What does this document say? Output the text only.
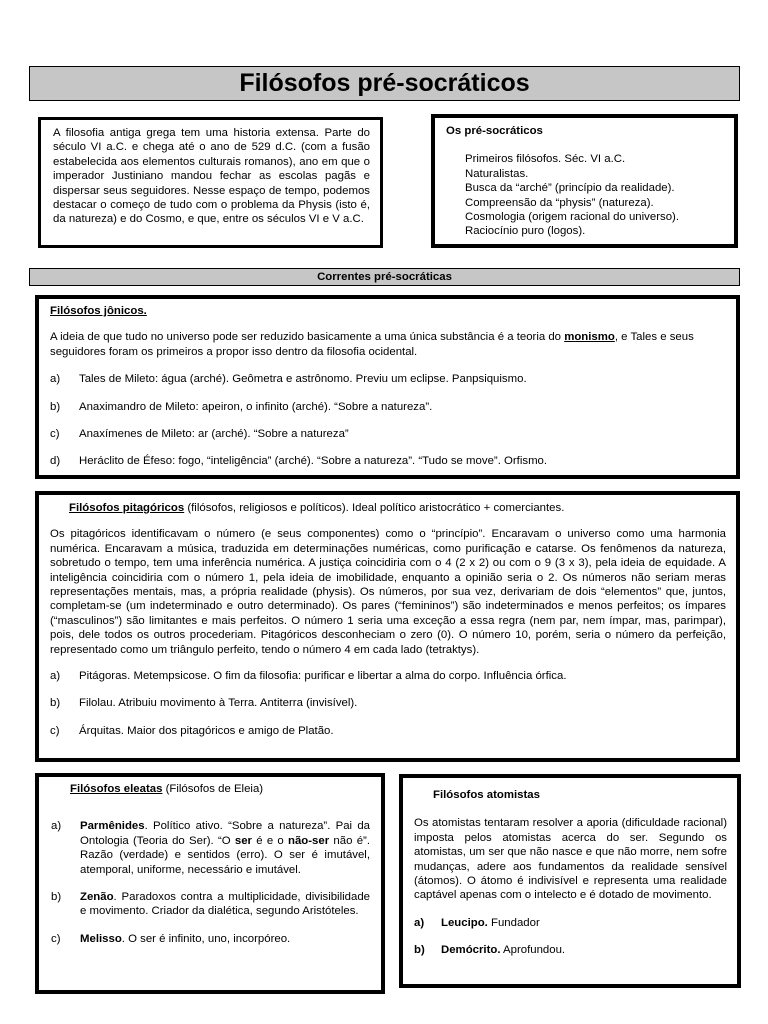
Filósofos pré-socráticos
A filosofia antiga grega tem uma historia extensa. Parte do século VI a.C. e chega até o ano de 529 d.C. (com a fusão estabelecida aos elementos culturais romanos), ano em que o imperador Justiniano mandou fechar as escolas pagãs e dispersar seus seguidores. Nesse espaço de tempo, podemos destacar o começo de tudo com o problema da Physis (isto é, da natureza) e do Cosmo, e que, entre os séculos VI e V a.C.
Os pré-socráticos
Primeiros filósofos. Séc. VI a.C.
Naturalistas.
Busca da “arché” (princípio da realidade).
Compreensão da “physis” (natureza).
Cosmologia (origem racional do universo).
Raciocínio puro (logos).
Correntes pré-socráticas
Filósofos jônicos.
A ideia de que tudo no universo pode ser reduzido basicamente a uma única substância é a teoria do monismo, e Tales e seus seguidores foram os primeiros a propor isso dentro da filosofia ocidental.
a)	Tales de Mileto: água (arché). Geômetra e astrônomo. Previu um eclipse. Panpsiquismo.
b)	Anaximandro de Mileto: apeiron, o infinito (arché). “Sobre a natureza”.
c)	Anaxímenes de Mileto: ar (arché). “Sobre a natureza”
d)	Heráclito de Éfeso: fogo, “inteligência” (arché). “Sobre a natureza”. “Tudo se move”. Orfismo.
Filósofos pitagóricos (filósofos, religiosos e políticos). Ideal político aristocrático + comerciantes.
Os pitagóricos identificavam o número (e seus componentes) como o “princípio”. Encaravam o universo como uma harmonia numérica. Encaravam a música, traduzida em determinações numéricas, como purificação e catarse. Os fenômenos da natureza, sobretudo o tempo, tem uma inferência numérica. A justiça coincidiria com o 4 (2 x 2) ou com o 9 (3 x 3), pela ideia de equidade. A inteligência coincidiria com o número 1, pela ideia de imobilidade, enquanto a opinião seria o 2. Os números não seriam meras representações mentais, mas, a própria realidade (physis). Os números, por sua vez, derivariam de dois “elementos” que, juntos, completam-se (um indeterminado e outro determinado). Os pares (“femininos”) são indeterminados e menos perfeitos; os ímpares (“masculinos”) são limitantes e mais perfeitos. O número 1 seria uma exceção a essa regra (nem par, nem ímpar, mas, parimpar), pois, dele todos os outros procederiam. Pitagóricos desconheciam o zero (0). O número 10, porém, seria o número da perfeição, representado como um triângulo perfeito, tendo o número 4 em cada lado (tetraktys).
a)	Pitágoras. Metempsicose. O fim da filosofia: purificar e libertar a alma do corpo. Influência órfica.
b)	Filolau. Atribuiu movimento à Terra. Antiterra (invisível).
c)	Árquitas. Maior dos pitagóricos e amigo de Platão.
Filósofos eleatas (Filósofos de Eleia)
a)	Parmênides. Político ativo. “Sobre a natureza”. Pai da Ontologia (Teoria do Ser). “O ser é e o não-ser não é”. Razão (verdade) e sentidos (erro). O ser é imutável, atemporal, uniforme, necessário e imutável.
b)	Zenão. Paradoxos contra a multiplicidade, divisibilidade e movimento. Criador da dialética, segundo Aristóteles.
c)	Melisso. O ser é infinito, uno, incorpóreo.
Filósofos atomistas
Os atomistas tentaram resolver a aporia (dificuldade racional) imposta pelos atomistas acerca do ser. Segundo os atomistas, um ser que não nasce e que não morre, nem sofre mudanças, adere aos fundamentos da realidade sensível (átomos). O átomo é indivisível e representa uma realidade captável apenas com o intelecto e é dotado de movimento.
a)	Leucipo. Fundador
b)	Demócrito. Aprofundou.
